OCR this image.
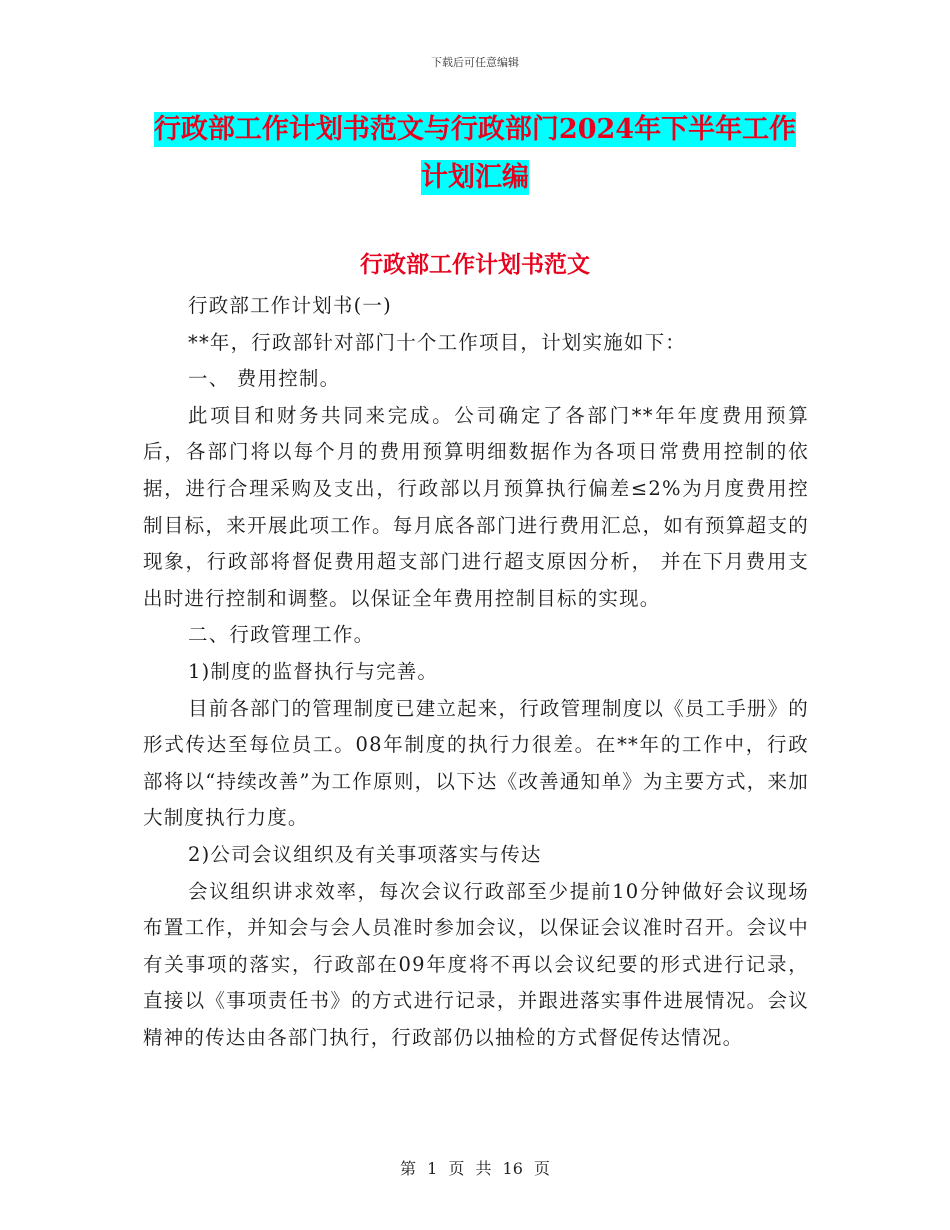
下载后可任意编辑
行政部工作计划书范文与行政部门2024年下半年工作
计划汇编
行政部工作计划书范文

行政部工作计划书(一)

**年，行政部针对部门十个工作项目，计划实施如下：

一、 费用控制。

此项目和财务共同来完成。公司确定了各部门**年年度费用预算后，各部门将以每个月的费用预算明细数据作为各项日常费用控制的依据，进行合理采购及支出，行政部以月预算执行偏差≤2%为月度费用控制目标，来开展此项工作。每月底各部门进行费用汇总，如有预算超支的现象，行政部将督促费用超支部门进行超支原因分析， 并在下月费用支出时进行控制和调整。以保证全年费用控制目标的实现。

二、行政管理工作。

1)制度的监督执行与完善。

目前各部门的管理制度已建立起来，行政管理制度以《员工手册》的形式传达至每位员工。08年制度的执行力很差。在**年的工作中，行政部将以“持续改善”为工作原则，以下达《改善通知单》为主要方式，来加大制度执行力度。

2)公司会议组织及有关事项落实与传达

会议组织讲求效率，每次会议行政部至少提前10分钟做好会议现场布置工作，并知会与会人员准时参加会议，以保证会议准时召开。会议中有关事项的落实，行政部在09年度将不再以会议纪要的形式进行记录，直接以《事项责任书》的方式进行记录，并跟进落实事件进展情况。会议精神的传达由各部门执行，行政部仍以抽检的方式督促传达情况。

第 1 页 共 16 页
